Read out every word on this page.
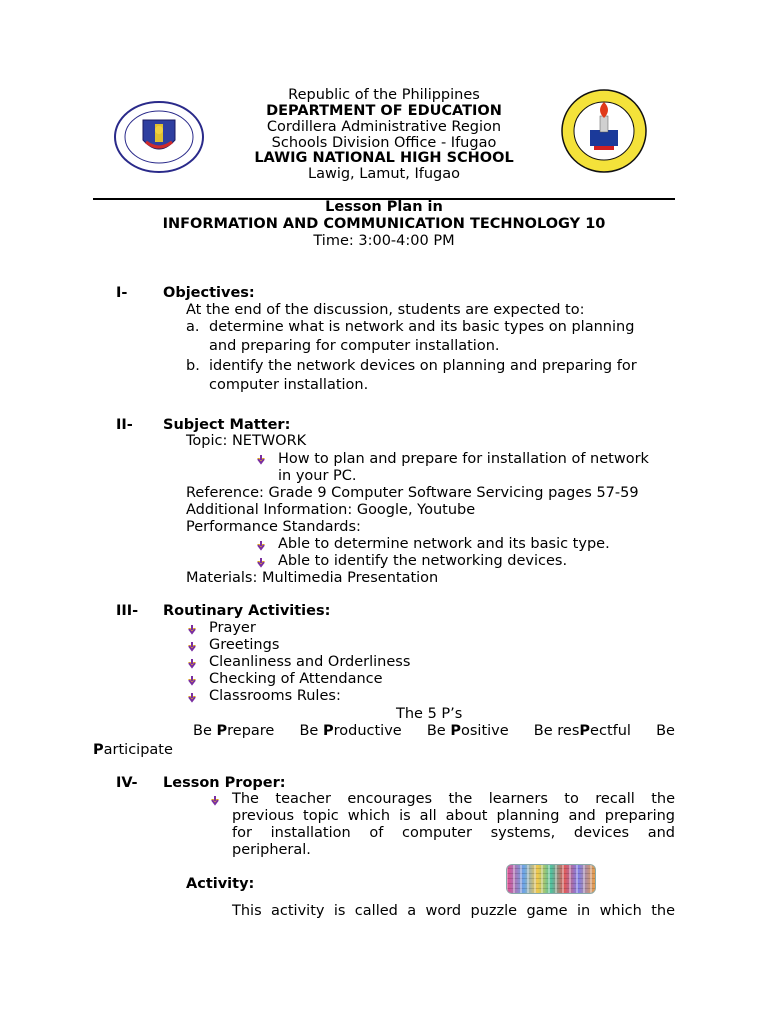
Republic of the Philippines
DEPARTMENT OF EDUCATION
Cordillera Administrative Region
Schools Division Office - Ifugao
LAWIG NATIONAL HIGH SCHOOL
Lawig, Lamut, Ifugao
Lesson Plan in
INFORMATION AND COMMUNICATION TECHNOLOGY 10
Time: 3:00-4:00 PM
I- Objectives:
At the end of the discussion, students are expected to:
a. determine what is network and its basic types on planning
and preparing for computer installation.
b. identify the network devices on planning and preparing for
computer installation.
II- Subject Matter:
Topic: NETWORK
How to plan and prepare for installation of network
in your PC.
Reference: Grade 9 Computer Software Servicing pages 57-59
Additional Information: Google, Youtube
Performance Standards:
Able to determine network and its basic type.
Able to identify the networking devices.
Materials: Multimedia Presentation
III- Routinary Activities:
Prayer
Greetings
Cleanliness and Orderliness
Checking of Attendance
Classrooms Rules:
The 5 P’s
Be Prepare Be Productive Be Positive Be resPectful Be
Participate
IV- Lesson Proper:
The teacher encourages the learners to recall the
previous topic which is all about planning and preparing
for installation of computer systems, devices and
peripheral.
Activity:
This activity is called a word puzzle game in which the
